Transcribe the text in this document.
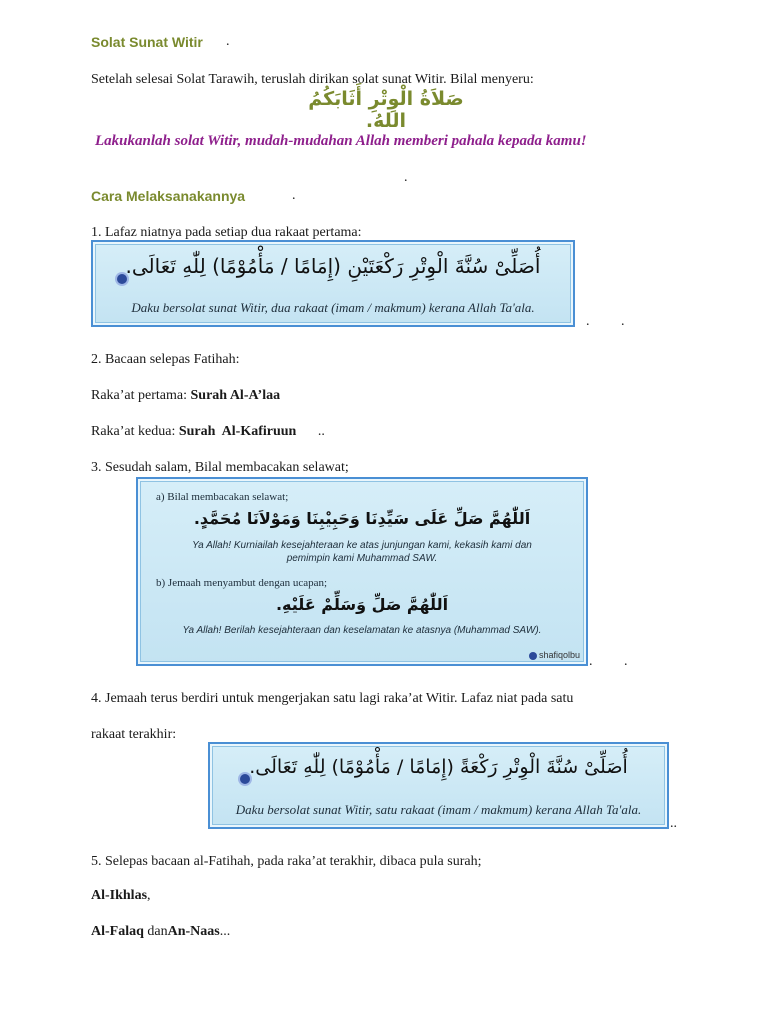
Solat Sunat Witir .
Setelah selesai Solat Tarawih, teruslah dirikan solat sunat Witir. Bilal menyeru:
صَلاَةُ الْوِتْرِ أَثَابَكُمُ اللهُ.
Lakukanlah solat Witir, mudah-mudahan Allah memberi pahala kepada kamu!
.
Cara Melaksanakannya	.
1. Lafaz niatnya pada setiap dua rakaat pertama:
أُصَلِّىْ سُنَّةَ الْوِتْرِ رَكْعَتَيْنِ (إِمَامًا / مَأْمُوْمًا) لِلّٰهِ تَعَالَى.
Daku bersolat sunat Witir, dua rakaat (imam / makmum) kerana Allah Ta'ala.
.         .
2. Bacaan selepas Fatihah:
Raka’at pertama: Surah Al-A’laa
Raka’at kedua: Surah  Al-Kafiruun ..
3. Sesudah salam, Bilal membacakan selawat;
a) Bilal membacakan selawat;
اَللّٰهُمَّ صَلِّ عَلَى سَيِّدِنَا وَحَبِيْبِنَا وَمَوْلاَنَا مُحَمَّدٍ.
Ya Allah! Kurniailah kesejahteraan ke atas junjungan kami, kekasih kami dan pemimpin kami Muhammad SAW.
b) Jemaah menyambut dengan ucapan;
اَللّٰهُمَّ صَلِّ وَسَلِّمْ عَلَيْهِ.
Ya Allah! Berilah kesejahteraan dan keselamatan ke atasnya (Muhammad SAW).
shafiqolbu .         .
4. Jemaah terus berdiri untuk mengerjakan satu lagi raka’at Witir. Lafaz niat pada satu
rakaat terakhir:
أُصَلِّىْ سُنَّةَ الْوِتْرِ رَكْعَةً (إِمَامًا / مَأْمُوْمًا) لِلّٰهِ تَعَالَى.
Daku bersolat sunat Witir, satu rakaat (imam / makmum) kerana Allah Ta'ala.
..
5. Selepas bacaan al-Fatihah, pada raka’at terakhir, dibaca pula surah;
Al-Ikhlas,
Al-Falaq danAn-Naas...
